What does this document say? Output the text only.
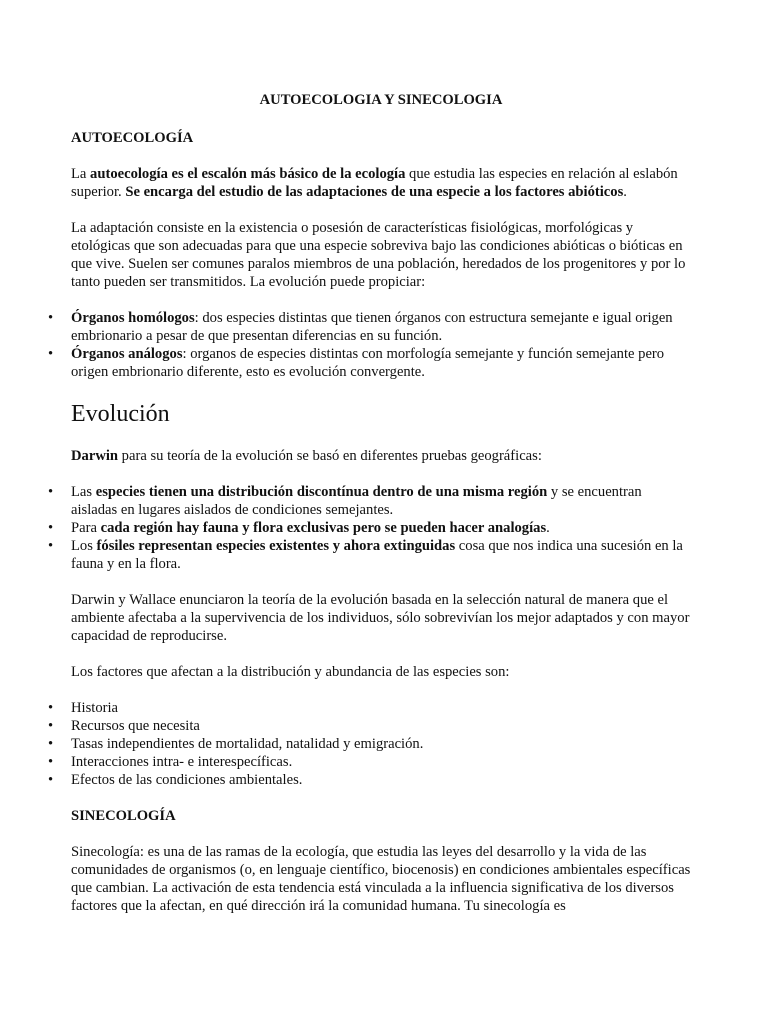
AUTOECOLOGIA Y SINECOLOGIA
AUTOECOLOGÍA

La autoecología es el escalón más básico de la ecología que estudia las especies en relación al eslabón superior. Se encarga del estudio de las adaptaciones de una especie a los factores abióticos.

La adaptación consiste en la existencia o posesión de características fisiológicas, morfológicas y etológicas que son adecuadas para que una especie sobreviva bajo las condiciones abióticas o bióticas en que vive. Suelen ser comunes paralos miembros de una población, heredados de los progenitores y por lo tanto pueden ser transmitidos. La evolución puede propiciar:

• Órganos homólogos: dos especies distintas que tienen órganos con estructura semejante e igual origen embrionario a pesar de que presentan diferencias en su función.
• Órganos análogos: organos de especies distintas con morfología semejante y función semejante pero origen embrionario diferente, esto es evolución convergente.
Evolución

Darwin para su teoría de la evolución se basó en diferentes pruebas geográficas:

• Las especies tienen una distribución discontínua dentro de una misma región y se encuentran aisladas en lugares aislados de condiciones semejantes.
• Para cada región hay fauna y flora exclusivas pero se pueden hacer analogías.
• Los fósiles representan especies existentes y ahora extinguidas cosa que nos indica una sucesión en la fauna y en la flora.

Darwin y Wallace enunciaron la teoría de la evolución basada en la selección natural de manera que el ambiente afectaba a la supervivencia de los individuos, sólo sobrevivían los mejor adaptados y con mayor capacidad de reproducirse.

Los factores que afectan a la distribución y abundancia de las especies son:

• Historia
• Recursos que necesita
• Tasas independientes de mortalidad, natalidad y emigración.
• Interacciones intra- e interespecíficas.
• Efectos de las condiciones ambientales.
SINECOLOGÍA

Sinecología: es una de las ramas de la ecología, que estudia las leyes del desarrollo y la vida de las comunidades de organismos (o, en lenguaje científico, biocenosis) en condiciones ambientales específicas que cambian. La activación de esta tendencia está vinculada a la influencia significativa de los diversos factores que la afectan, en qué dirección irá la comunidad humana. Tu sinecología es
